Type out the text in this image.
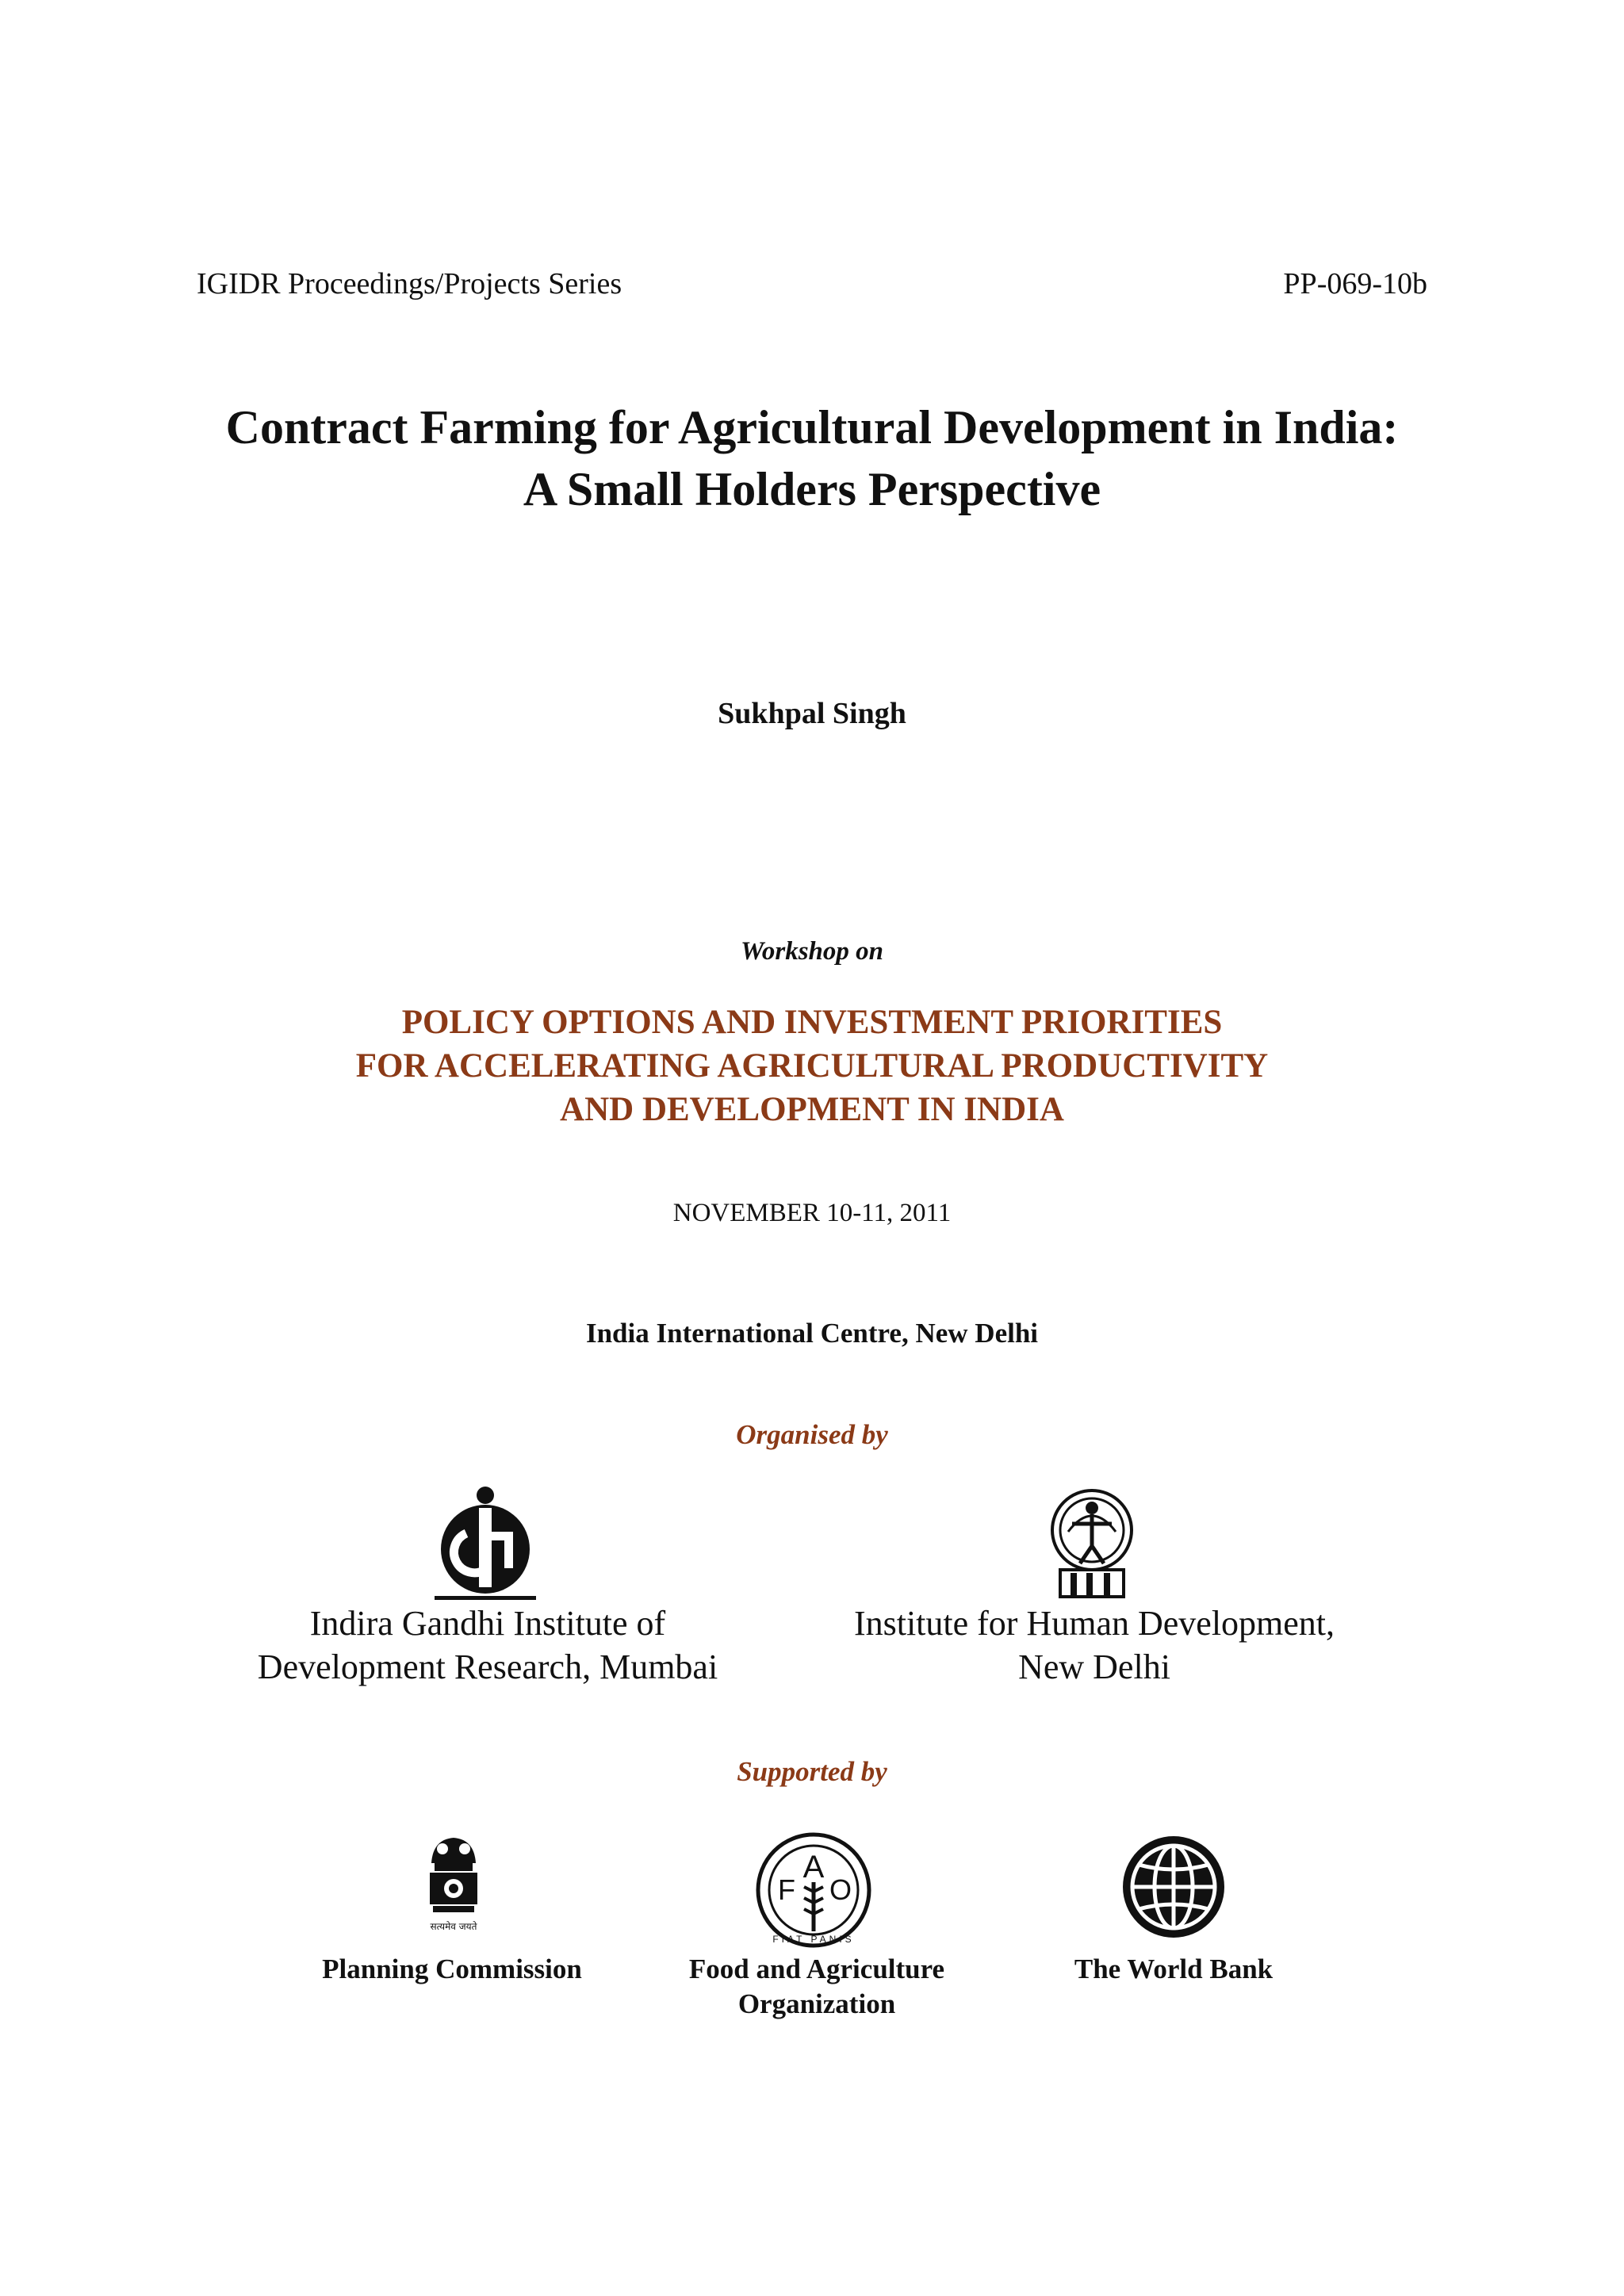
IGIDR Proceedings/Projects Series	PP-069-10b
Contract Farming for Agricultural Development in India:
A Small Holders Perspective
Sukhpal Singh
Workshop on
POLICY OPTIONS AND INVESTMENT PRIORITIES
FOR ACCELERATING AGRICULTURAL PRODUCTIVITY
AND DEVELOPMENT IN INDIA
NOVEMBER 10-11, 2011
India International Centre, New Delhi
Organised by
Indira Gandhi Institute of
Development Research, Mumbai
Institute for Human Development,
New Delhi
Supported by
सत्यमेव जयते
A
F O
FIAT PANIS
Planning Commission	Food and Agriculture
Organization
The World Bank
